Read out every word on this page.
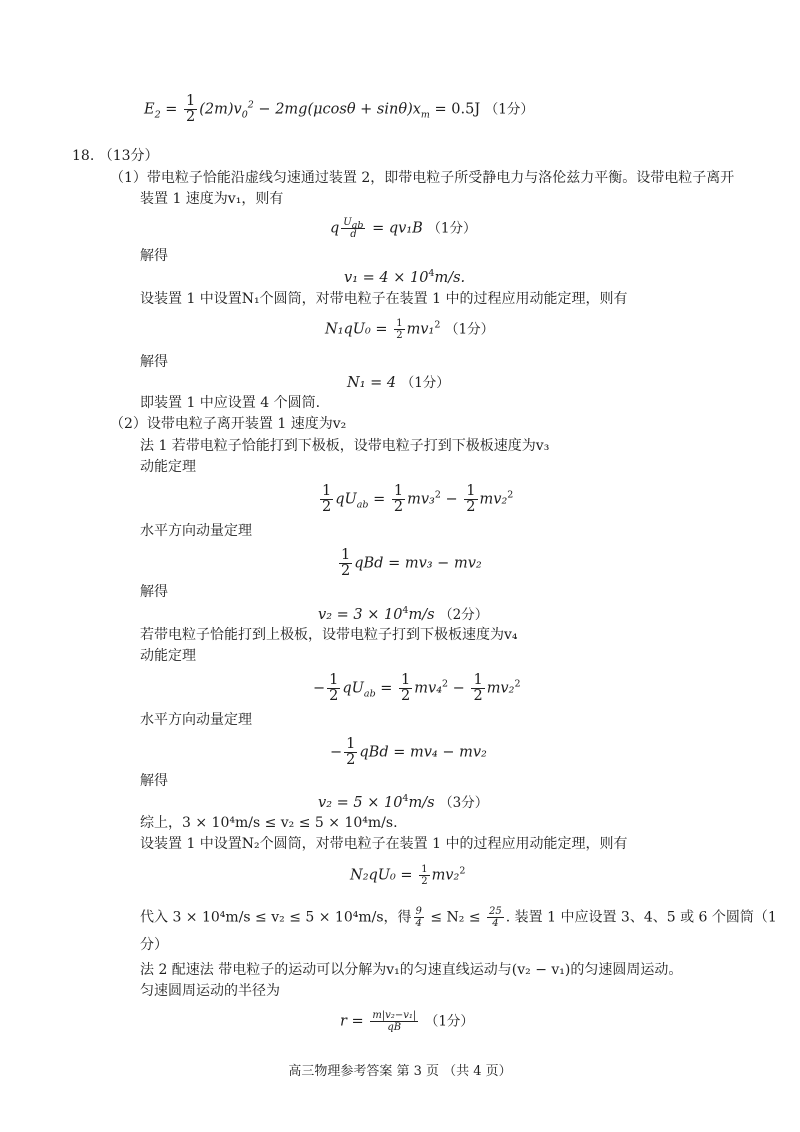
$E_2 = \frac{1}{2} (2m)v_0^2 - 2mg(\mu\cos\theta + \sin\theta)x_m = 0.5J$ （1分）
18. （13分）
（1）带电粒子恰能沿虚线匀速通过装置 2，即带电粒子所受静电力与洛伦兹力平衡。设带电粒子离开
装置 1 速度为v₁，则有
q $\frac{U_{ab}}{d} = qv_1B$ （1分）
解得
$v_1 = 4 \times 10^4m/s$.
设装置 1 中设置N₁个圆筒，对带电粒子在装置 1 中的过程应用动能定理，则有
$N_1qU_0 = \frac{1}{2} mv_1^2$ （1分）
解得
N₁ = 4 （1分）
即装置 1 中应设置 4 个圆筒.
（2）设带电粒子离开装置 1 速度为v₂
法 1 若带电粒子恰能打到下极板，设带电粒子打到下极板速度为v₃
动能定理
$\frac{1}{2} qU_{ab} = \frac{1}{2} mv_3^2 - \frac{1}{2} mv_2^2$
水平方向动量定理
$\frac{1}{2}$ qBd = mv₃ − mv₂
解得
$v_2 = 3 \times 10^4m/s$ （2分）
若带电粒子恰能打到上极板，设带电粒子打到下极板速度为v₄
动能定理
− $\frac{1}{2} qU_{ab} = \frac{1}{2} mv_4^2 - \frac{1}{2} mv_2^2$
水平方向动量定理
− $\frac{1}{2}$ qBd = mv₄ − mv₂
解得
$v_2 = 5 \times 10^4m/s$ （3分）
综上，3 × 10⁴m/s ≤ v₂ ≤ 5 × 10⁴m/s.
设装置 1 中设置N₂个圆筒，对带电粒子在装置 1 中的过程应用动能定理，则有
$N_2qU_0 = \frac{1}{2} mv_2^2$
代入 3 × 10⁴m/s ≤ v₂ ≤ 5 × 10⁴m/s，得 $\frac{9}{4} \le N_2 \le \frac{25}{4}$ . 装置 1 中应设置 3、4、5 或 6 个圆筒（1
分）
法 2 配速法 带电粒子的运动可以分解为v₁的匀速直线运动与(v₂ − v₁)的匀速圆周运动。
匀速圆周运动的半径为
$r = \frac{\text{m|v₂−v₁|}}{qB} (1$分）
高三物理参考答案 第 3 页 （共 4 页）
